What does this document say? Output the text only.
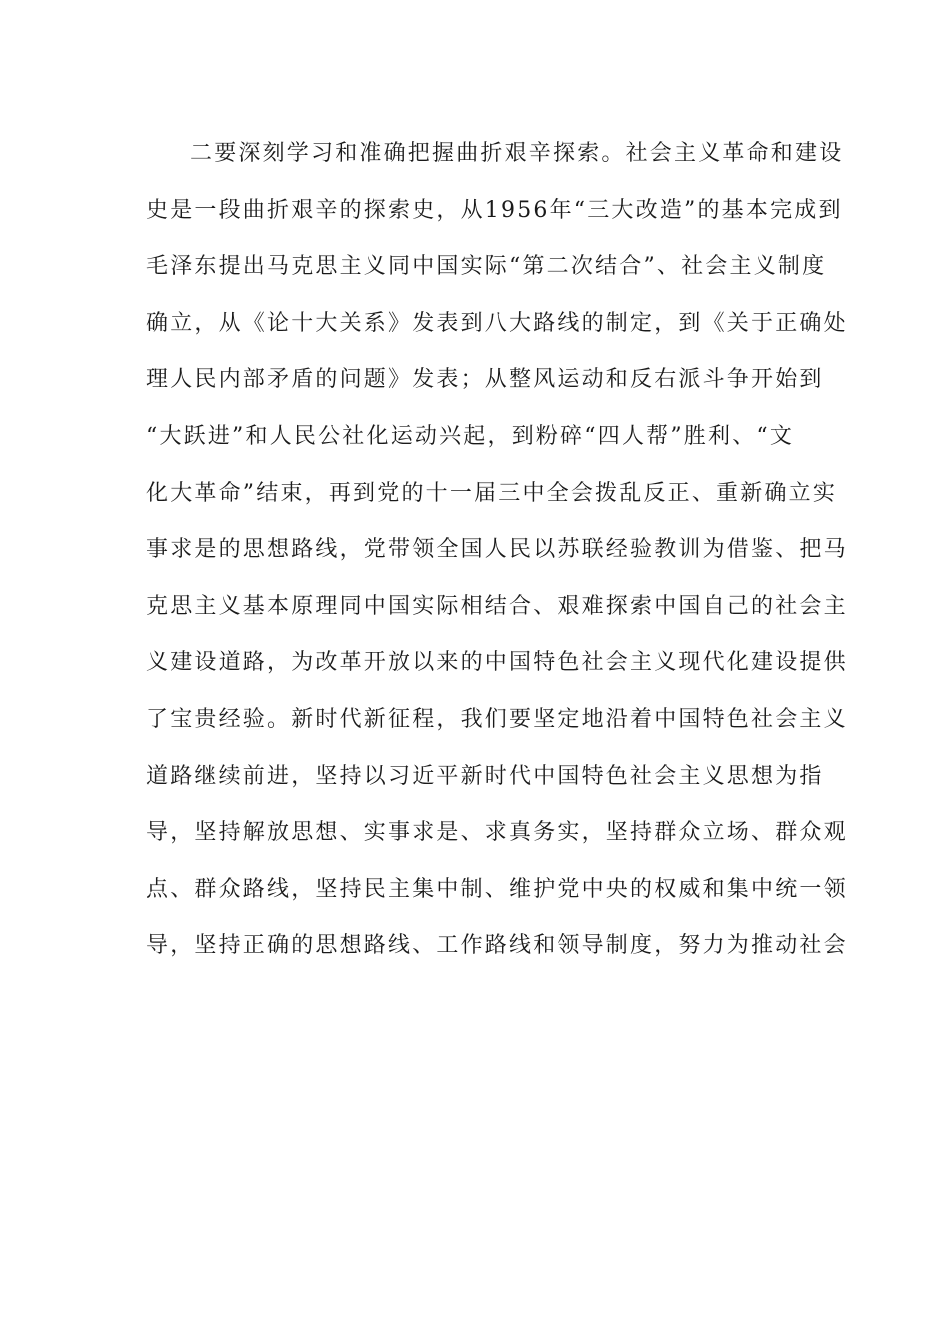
二要深刻学习和准确把握曲折艰辛探索。社会主义革命和建设
史是一段曲折艰辛的探索史，从1956年“三大改造”的基本完成到
毛泽东提出马克思主义同中国实际“第二次结合”、社会主义制度
确立，从《论十大关系》发表到八大路线的制定，到《关于正确处
理人民内部矛盾的问题》发表；从整风运动和反右派斗争开始到
“大跃进”和人民公社化运动兴起，到粉碎“四人帮”胜利、“文
化大革命”结束，再到党的十一届三中全会拨乱反正、重新确立实
事求是的思想路线，党带领全国人民以苏联经验教训为借鉴、把马
克思主义基本原理同中国实际相结合、艰难探索中国自己的社会主
义建设道路，为改革开放以来的中国特色社会主义现代化建设提供
了宝贵经验。新时代新征程，我们要坚定地沿着中国特色社会主义
道路继续前进，坚持以习近平新时代中国特色社会主义思想为指
导，坚持解放思想、实事求是、求真务实，坚持群众立场、群众观
点、群众路线，坚持民主集中制、维护党中央的权威和集中统一领
导，坚持正确的思想路线、工作路线和领导制度，努力为推动社会
